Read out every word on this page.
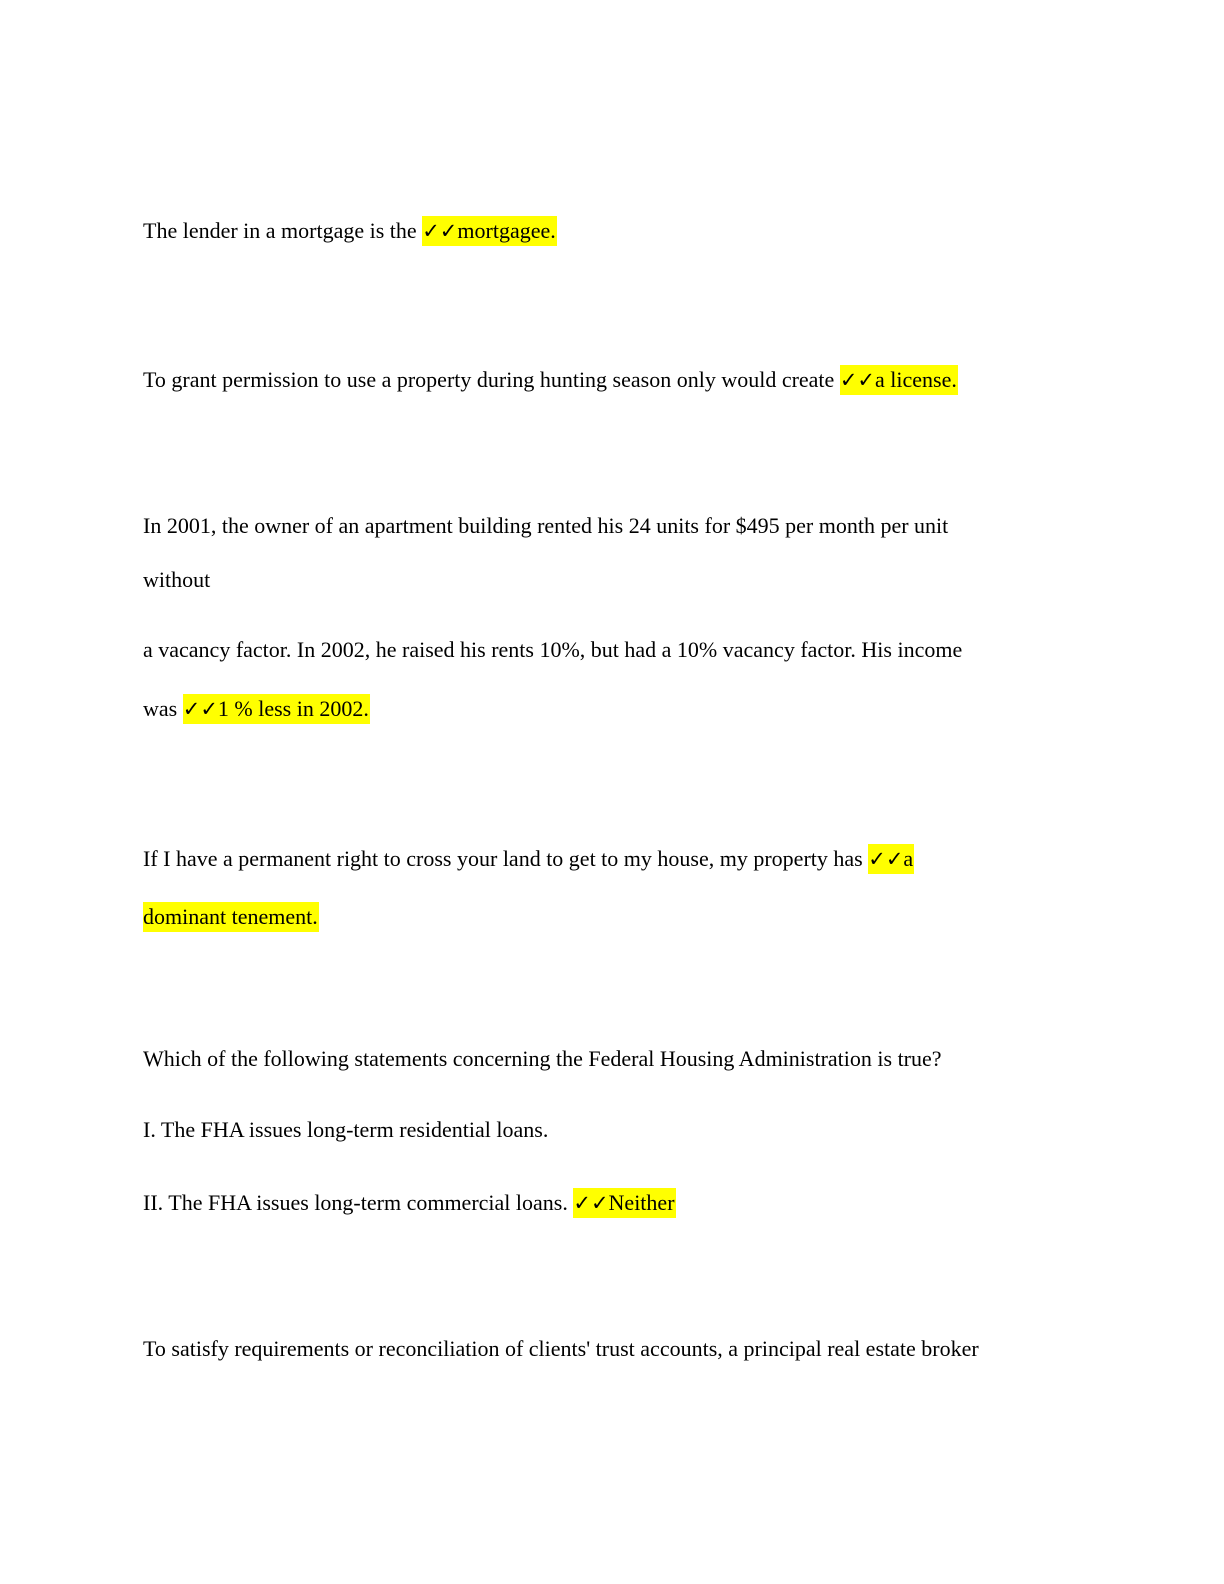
The lender in a mortgage is the ✓✓mortgagee.
To grant permission to use a property during hunting season only would create ✓✓a license.
In 2001, the owner of an apartment building rented his 24 units for $495 per month per unit
without
a vacancy factor. In 2002, he raised his rents 10%, but had a 10% vacancy factor. His income
was ✓✓1 % less in 2002.
If I have a permanent right to cross your land to get to my house, my property has ✓✓a
dominant tenement.
Which of the following statements concerning the Federal Housing Administration is true?
I. The FHA issues long-term residential loans.
II. The FHA issues long-term commercial loans. ✓✓Neither
To satisfy requirements or reconciliation of clients' trust accounts, a principal real estate broker
